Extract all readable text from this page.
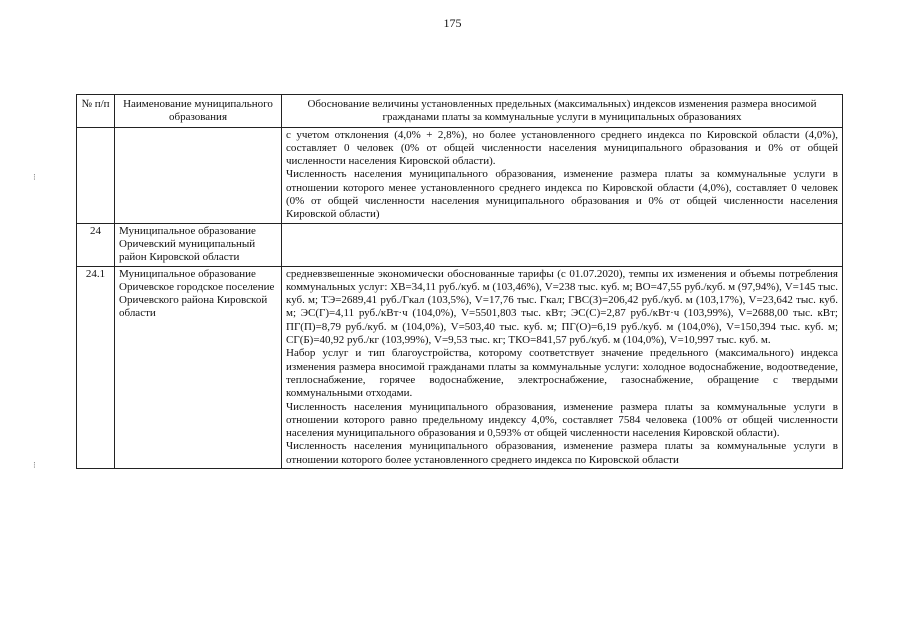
175
⁝
⁝
№ п/п	Наименование муниципального образования	Обоснование величины установленных предельных (максимальных) индексов изменения размера вносимой гражданами платы за коммунальные услуги в муниципальных образованиях

		с учетом отклонения (4,0% + 2,8%), но более установленного среднего индекса по Кировской области (4,0%), составляет 0 человек (0% от общей численности населения муниципального образования и 0% от общей численности населения Кировской области).

Численность населения муниципального образования, изменение размера платы за коммунальные услуги в отношении которого менее установленного среднего индекса по Кировской области (4,0%), составляет 0 человек (0% от общей численности населения муниципального образования и 0% от общей численности населения Кировской области)

24	Муниципальное образование Оричевский муниципальный район Кировской области	
24.1	Муниципальное образование Оричевское городское поселение Оричевского района Кировской области	средневзвешенные экономически обоснованные тарифы (с 01.07.2020), темпы их изменения и объемы потребления коммунальных услуг: ХВ=34,11 руб./куб. м (103,46%), V=238 тыс. куб. м; ВО=47,55 руб./куб. м (97,94%), V=145 тыс. куб. м; ТЭ=2689,41 руб./Гкал (103,5%), V=17,76 тыс. Гкал; ГВС(З)=206,42 руб./куб. м (103,17%), V=23,642 тыс. куб. м; ЭС(Г)=4,11 руб./кВт·ч (104,0%), V=5501,803 тыс. кВт; ЭС(С)=2,87 руб./кВт·ч (103,99%), V=2688,00 тыс. кВт; ПГ(П)=8,79 руб./куб. м (104,0%), V=503,40 тыс. куб. м; ПГ(О)=6,19 руб./куб. м (104,0%), V=150,394 тыс. куб. м; СГ(Б)=40,92 руб./кг (103,99%), V=9,53 тыс. кг; ТКО=841,57 руб./куб. м (104,0%), V=10,997 тыс. куб. м.

Набор услуг и тип благоустройства, которому соответствует значение предельного (максимального) индекса изменения размера вносимой гражданами платы за коммунальные услуги: холодное водоснабжение, водоотведение, теплоснабжение, горячее водоснабжение, электроснабжение, газоснабжение, обращение с твердыми коммунальными отходами.

Численность населения муниципального образования, изменение размера платы за коммунальные услуги в отношении которого равно предельному индексу 4,0%, составляет 7584 человека (100% от общей численности населения муниципального образования и 0,593% от общей численности населения Кировской области).

Численность населения муниципального образования, изменение размера платы за коммунальные услуги в отношении которого более установленного среднего индекса по Кировской области
